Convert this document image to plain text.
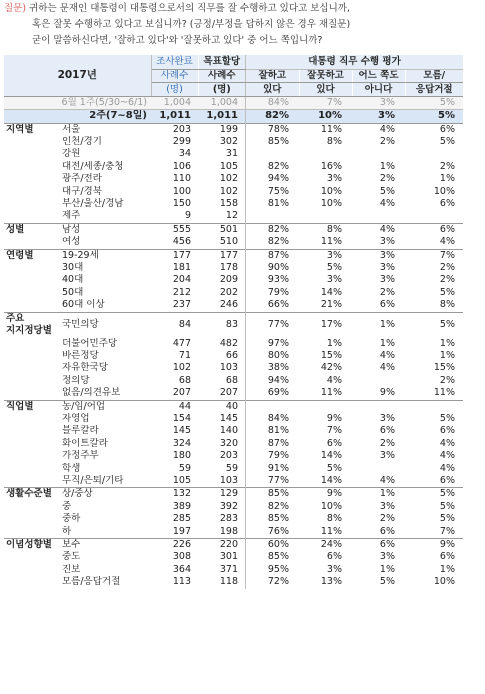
질문) 귀하는 문재인 대통령이 대통령으로서의 직무를 잘 수행하고 있다고 보십니까,
혹은 잘못 수행하고 있다고 보십니까? (긍정/부정을 답하지 않은 경우 재질문)
굳이 말씀하신다면, '잘하고 있다'와 '잘못하고 있다' 중 어느 쪽입니까?
2017년		조사완료	목표할당	대통령 직무 수행 평가			
		사례수	사례수	잘하고	잘못하고	어느 쪽도	모름/
		(명)	(명)	있다	있다	아니다	응답거절
6월 1주(5/30~6/1)		1,004	1,004	84%	7%	3%	5%
2주(7~8일)		1,011	1,011	82%	10%	3%	5%
지역별	서울	203	199	78%	11%	4%	6%
	인천/경기	299	302	85%	8%	2%	5%
	강원	34	31				
	대전/세종/충청	106	105	82%	16%	1%	2%
	광주/전라	110	102	94%	3%	2%	1%
	대구/경북	100	102	75%	10%	5%	10%
	부산/울산/경남	150	158	81%	10%	4%	6%
	제주	9	12				
성별	남성	555	501	82%	8%	4%	6%
	여성	456	510	82%	11%	3%	4%
연령별	19-29세	177	177	87%	3%	3%	7%
	30대	181	178	90%	5%	3%	2%
	40대	204	209	93%	3%	3%	2%
	50대	212	202	79%	14%	2%	5%
	60대 이상	237	246	66%	21%	6%	8%
주요
지지정당별	국민의당	84	83	77%	17%	1%	5%
	더불어민주당	477	482	97%	1%	1%	1%
	바른정당	71	66	80%	15%	4%	1%
	자유한국당	102	103	38%	42%	4%	15%
	정의당	68	68	94%	4%		2%
	없음/의견유보	207	207	69%	11%	9%	11%
직업별	농/임/어업	44	40				
	자영업	154	145	84%	9%	3%	5%
	블루칼라	145	140	81%	7%	6%	6%
	화이트칼라	324	320	87%	6%	2%	4%
	가정주부	180	203	79%	14%	3%	4%
	학생	59	59	91%	5%		4%
	무직/은퇴/기타	105	103	77%	14%	4%	6%
생활수준별	상/중상	132	129	85%	9%	1%	5%
	중	389	392	82%	10%	3%	5%
	중하	285	283	85%	8%	2%	5%
	하	197	198	76%	11%	6%	7%
이념성향별	보수	226	220	60%	24%	6%	9%
	중도	308	301	85%	6%	3%	6%
	진보	364	371	95%	3%	1%	1%
	모름/응답거절	113	118	72%	13%	5%	10%
